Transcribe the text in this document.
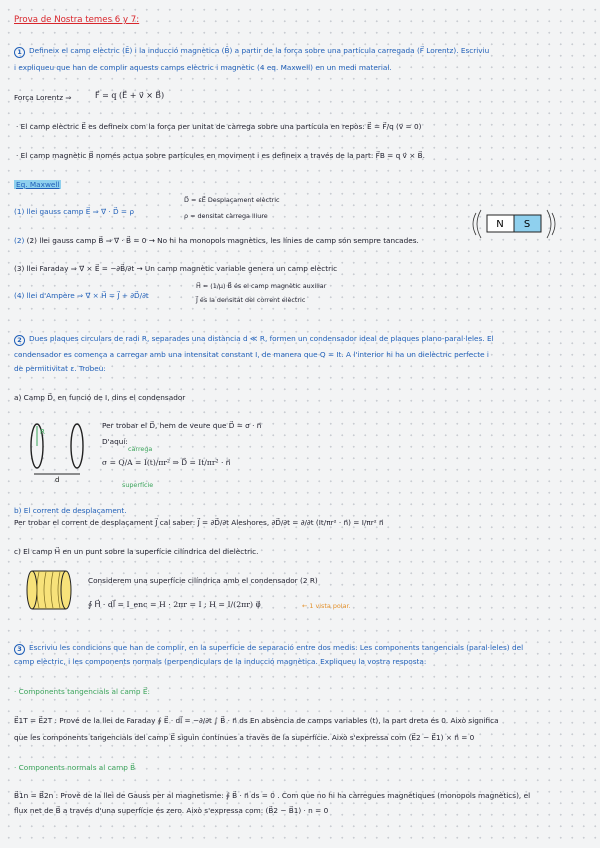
Prova de Nostra temes 6 y 7:
1 Defineix el camp elèctric (Ē) i la inducció magnètica (B̄) a partir de la força sobre una partícula carregada (F⃗ Lorentz). Escriviu
i expliqueu que han de complir aquests camps elèctric i magnètic (4 eq. Maxwell) en un medi material.
Força Lorentz ⇒	F⃗ = q (E⃗ + v⃗ × B⃗)
· El camp elèctric E⃗ es defineix com la força per unitat de càrrega sobre una partícula en repòs: E⃗ = F⃗/q (v⃗ = 0)
· El camp magnètic B⃗ només actua sobre partícules en moviment i es defineix a través de la part: F⃗B = q v⃗ × B⃗.
Eq. Maxwell
(1) llei gauss camp E⃗ ⇒ ∇⃗ · D⃗ = ρ
D⃗ = εE⃗ Desplaçament elèctric
ρ = densitat càrrega lliure
N S
(2) (2) llei gauss camp B⃗ ⇒ ∇⃗ · B⃗ = 0 → No hi ha monopols magnètics, les línies de camp són sempre tancades.
(3) llei Faraday ⇒ ∇⃗ × E⃗ = −∂B⃗/∂t → Un camp magnètic variable genera un camp elèctric
(4) llei d'Ampère ⇒ ∇⃗ × H⃗ = J⃗ + ∂D⃗/∂t
H⃗ = (1/μ) B⃗ és el camp magnètic auxiliar
J⃗ és la densitat del corrent elèctric
2 Dues plaques circulars de radi R, separades una distància d ≪ R, formen un condensador ideal de plaques plano-paral·leles. El
condensador es comença a carregar amb una intensitat constant I, de manera que Q = It. A l'interior hi ha un dielèctric perfecte i
de permitivitat ε. Trobeu:
a) Camp D⃗, en funció de I, dins el condensador
R
d
Per trobar el D⃗, hem de veure que D⃗ = σ · n⃗
D'aquí:
càrrega
σ = Q/A = I(t)/πr² ⇒ D⃗ = It/πr² · n⃗
superfície
b) El corrent de desplaçament.
Per trobar el corrent de desplaçament J⃗ cal saber: J⃗ = ∂D⃗/∂t Aleshores, ∂D⃗/∂t = ∂/∂t (It/πr² · n⃗) = I/πr² n⃗
c) El camp H⃗ en un punt sobre la superfície cilíndrica del dielèctric.
Considerem una superfície cilíndrica amb el condensador (2 R)
∮ H⃗ · dl⃗ = I_enc = H · 2πr = I ; H = I/(2πr) φ⃗	← 1 vista polar.
3 Escriviu les condicions que han de complir, en la superfície de separació entre dos medis: Les components tangencials (paral·leles) del
camp elèctric, i les components normals (perpendiculars de la inducció magnètica. Expliqueu la vostra resposta:
· Components tangencials al camp E⃗:
E⃗1T = E⃗2T : Prové de la llei de Faraday ∮ E⃗ · dl⃗ = −∂/∂t ∫ B⃗ · n⃗ ds En absència de camps variables (t), la part dreta és 0. Això significa
que les components tangencials del camp E⃗ siguin contínues a través de la superfície. Això s'expressa com (E⃗2 − E⃗1) × n⃗ = 0
· Components normals al camp B⃗
B⃗1n = B⃗2n : Prové de la llei de Gauss per al magnetisme: ∮ B⃗ · n⃗ ds = 0 . Com que no hi ha càrregues magnètiques (monopols magnètics), el
flux net de B⃗ a través d'una superfície és zero. Això s'expressa com: (B⃗2 − B⃗1) · n = 0
